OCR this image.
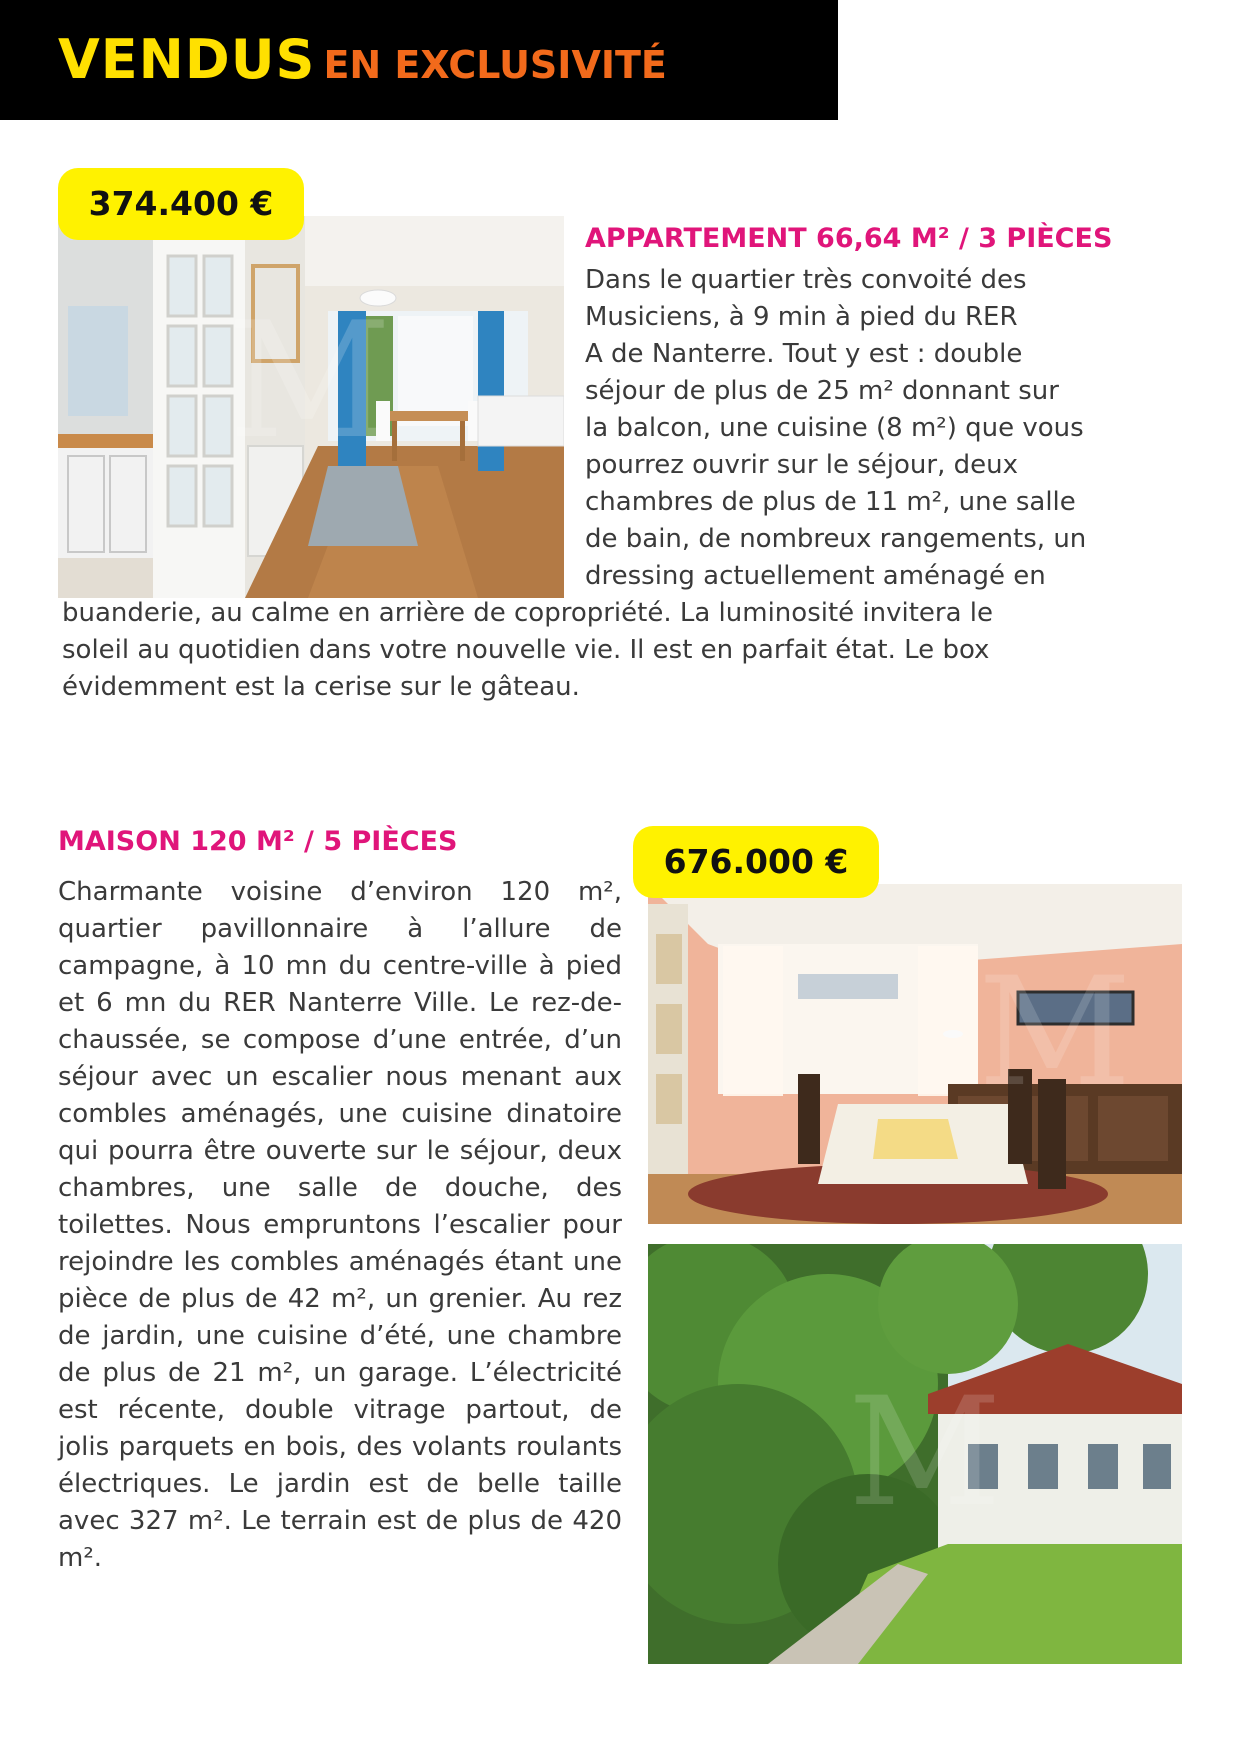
VENDUS EN EXCLUSIVITÉ
374.400 €
M
APPARTEMENT 66,64 M² / 3 PIÈCES

Dans le quartier très convoité des

Musiciens, à 9 min à pied du RER

A de Nanterre. Tout y est : double

séjour de plus de 25 m² donnant sur

la balcon, une cuisine (8 m²) que vous

pourrez ouvrir sur le séjour, deux

chambres de plus de 11 m², une salle

de bain, de nombreux rangements, un

dressing actuellement aménagé en

buanderie, au calme en arrière de copropriété. La luminosité invitera le

soleil au quotidien dans votre nouvelle vie. Il est en parfait état. Le box

évidemment est la cerise sur le gâteau.

MAISON 120 M² / 5 PIÈCES

Charmante voisine d’environ 120 m², quartier pavillonnaire à l’allure de campagne, à 10 mn du centre-ville à pied et 6 mn du RER Nanterre Ville. Le rez-de-chaussée, se compose d’une entrée, d’un séjour avec un escalier nous menant aux combles aménagés, une cuisine dinatoire qui pourra être ouverte sur le séjour, deux chambres, une salle de douche, des toilettes. Nous empruntons l’escalier pour rejoindre les combles aménagés étant une pièce de plus de 42 m², un grenier. Au rez de jardin, une cuisine d’été, une chambre de plus de 21 m², un garage. L’électricité est récente, double vitrage partout, de jolis parquets en bois, des volants roulants électriques. Le jardin est de belle taille avec 327 m². Le terrain est de plus de 420 m².

676.000 €
M
M
